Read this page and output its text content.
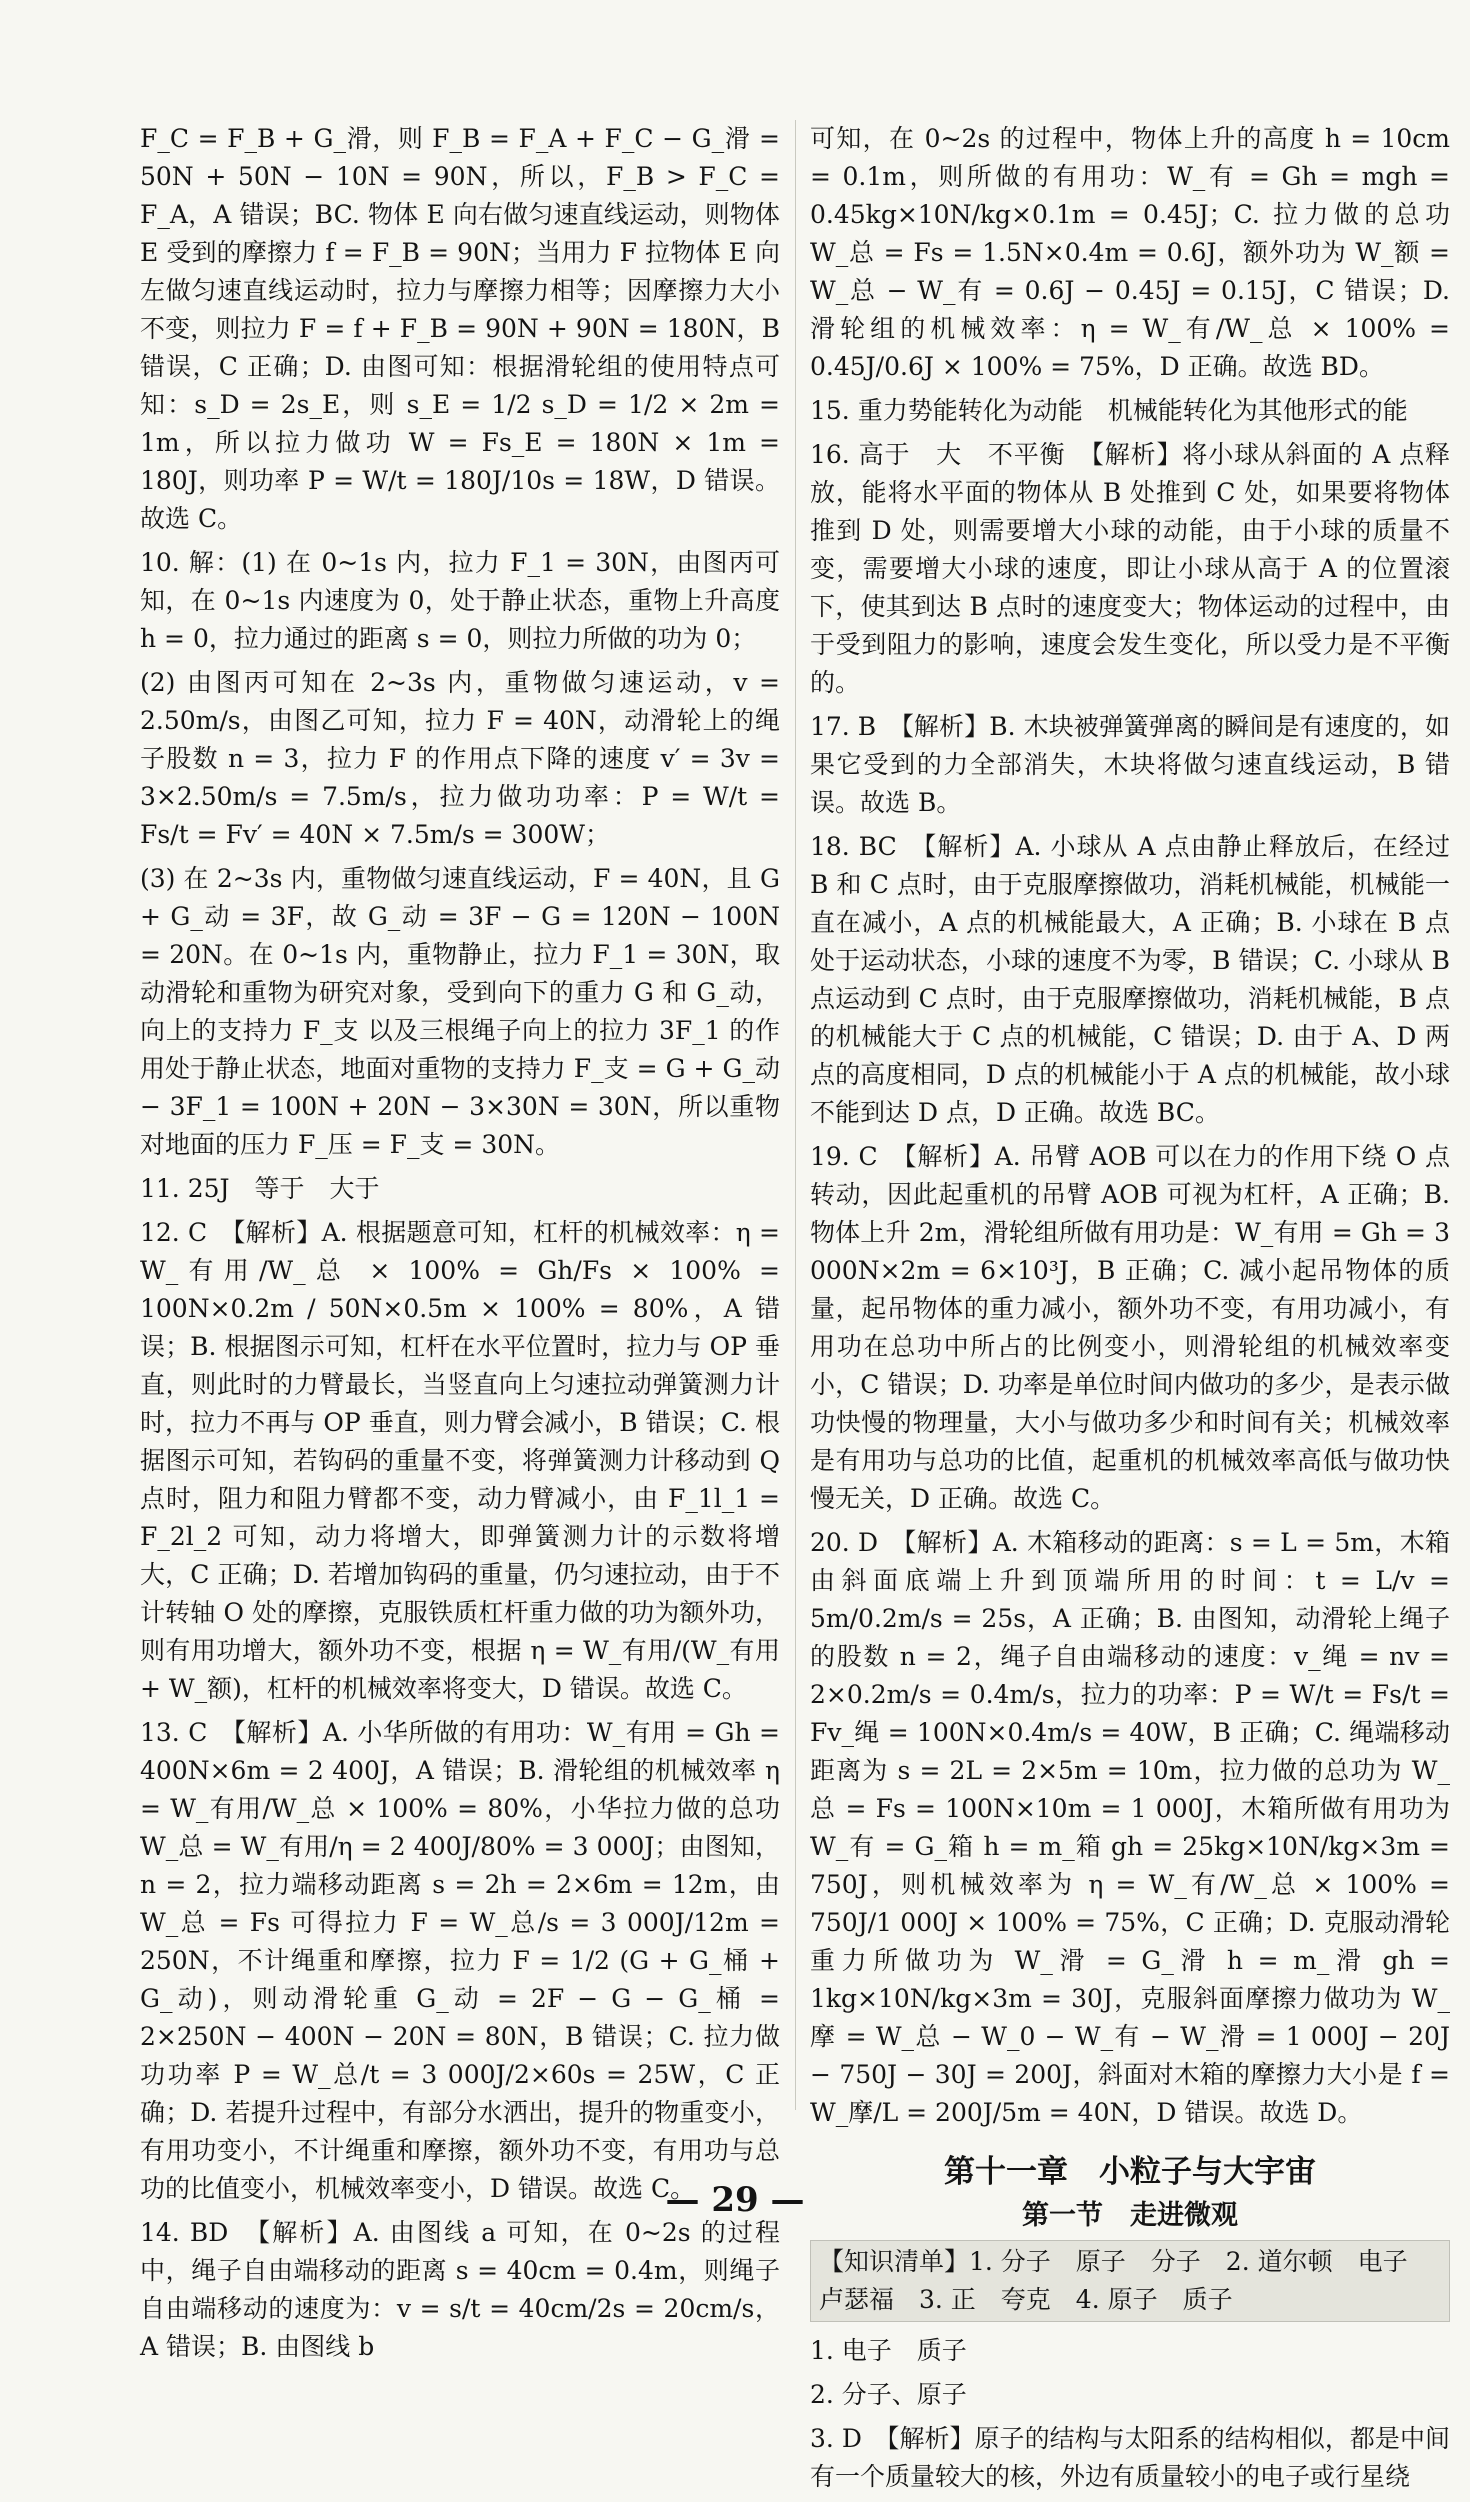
F_C = F_B + G_滑，则 F_B = F_A + F_C − G_滑 = 50N + 50N − 10N = 90N，所以，F_B > F_C = F_A，A 错误；BC. 物体 E 向右做匀速直线运动，则物体 E 受到的摩擦力 f = F_B = 90N；当用力 F 拉物体 E 向左做匀速直线运动时，拉力与摩擦力相等；因摩擦力大小不变，则拉力 F = f + F_B = 90N + 90N = 180N，B 错误，C 正确；D. 由图可知：根据滑轮组的使用特点可知：s_D = 2s_E，则 s_E = 1/2 s_D = 1/2 × 2m = 1m，所以拉力做功 W = Fs_E = 180N × 1m = 180J，则功率 P = W/t = 180J/10s = 18W，D 错误。故选 C。

10. 解：(1) 在 0~1s 内，拉力 F_1 = 30N，由图丙可知，在 0~1s 内速度为 0，处于静止状态，重物上升高度 h = 0，拉力通过的距离 s = 0，则拉力所做的功为 0；

(2) 由图丙可知在 2~3s 内，重物做匀速运动，v = 2.50m/s，由图乙可知，拉力 F = 40N，动滑轮上的绳子股数 n = 3，拉力 F 的作用点下降的速度 v′ = 3v = 3×2.50m/s = 7.5m/s，拉力做功功率：P = W/t = Fs/t = Fv′ = 40N × 7.5m/s = 300W；

(3) 在 2~3s 内，重物做匀速直线运动，F = 40N，且 G + G_动 = 3F，故 G_动 = 3F − G = 120N − 100N = 20N。在 0~1s 内，重物静止，拉力 F_1 = 30N，取动滑轮和重物为研究对象，受到向下的重力 G 和 G_动，向上的支持力 F_支 以及三根绳子向上的拉力 3F_1 的作用处于静止状态，地面对重物的支持力 F_支 = G + G_动 − 3F_1 = 100N + 20N − 3×30N = 30N，所以重物对地面的压力 F_压 = F_支 = 30N。

11. 25J　等于　大于

12. C　【解析】A. 根据题意可知，杠杆的机械效率：η = W_有用/W_总 × 100% = Gh/Fs × 100% = 100N×0.2m / 50N×0.5m × 100% = 80%，A 错误；B. 根据图示可知，杠杆在水平位置时，拉力与 OP 垂直，则此时的力臂最长，当竖直向上匀速拉动弹簧测力计时，拉力不再与 OP 垂直，则力臂会减小，B 错误；C. 根据图示可知，若钩码的重量不变，将弹簧测力计移动到 Q 点时，阻力和阻力臂都不变，动力臂减小，由 F_1l_1 = F_2l_2 可知，动力将增大，即弹簧测力计的示数将增大，C 正确；D. 若增加钩码的重量，仍匀速拉动，由于不计转轴 O 处的摩擦，克服铁质杠杆重力做的功为额外功，则有用功增大，额外功不变，根据 η = W_有用/(W_有用 + W_额)，杠杆的机械效率将变大，D 错误。故选 C。

13. C　【解析】A. 小华所做的有用功：W_有用 = Gh = 400N×6m = 2 400J，A 错误；B. 滑轮组的机械效率 η = W_有用/W_总 × 100% = 80%，小华拉力做的总功 W_总 = W_有用/η = 2 400J/80% = 3 000J；由图知，n = 2，拉力端移动距离 s = 2h = 2×6m = 12m，由 W_总 = Fs 可得拉力 F = W_总/s = 3 000J/12m = 250N，不计绳重和摩擦，拉力 F = 1/2 (G + G_桶 + G_动)，则动滑轮重 G_动 = 2F − G − G_桶 = 2×250N − 400N − 20N = 80N，B 错误；C. 拉力做功功率 P = W_总/t = 3 000J/2×60s = 25W，C 正确；D. 若提升过程中，有部分水洒出，提升的物重变小，有用功变小，不计绳重和摩擦，额外功不变，有用功与总功的比值变小，机械效率变小，D 错误。故选 C。

14. BD　【解析】A. 由图线 a 可知，在 0~2s 的过程中，绳子自由端移动的距离 s = 40cm = 0.4m，则绳子自由端移动的速度为：v = s/t = 40cm/2s = 20cm/s，A 错误；B. 由图线 b

可知，在 0~2s 的过程中，物体上升的高度 h = 10cm = 0.1m，则所做的有用功：W_有 = Gh = mgh = 0.45kg×10N/kg×0.1m = 0.45J；C. 拉力做的总功 W_总 = Fs = 1.5N×0.4m = 0.6J，额外功为 W_额 = W_总 − W_有 = 0.6J − 0.45J = 0.15J，C 错误；D. 滑轮组的机械效率：η = W_有/W_总 × 100% = 0.45J/0.6J × 100% = 75%，D 正确。故选 BD。

15. 重力势能转化为动能　机械能转化为其他形式的能

16. 高于　大　不平衡　【解析】将小球从斜面的 A 点释放，能将水平面的物体从 B 处推到 C 处，如果要将物体推到 D 处，则需要增大小球的动能，由于小球的质量不变，需要增大小球的速度，即让小球从高于 A 的位置滚下，使其到达 B 点时的速度变大；物体运动的过程中，由于受到阻力的影响，速度会发生变化，所以受力是不平衡的。

17. B　【解析】B. 木块被弹簧弹离的瞬间是有速度的，如果它受到的力全部消失，木块将做匀速直线运动，B 错误。故选 B。

18. BC　【解析】A. 小球从 A 点由静止释放后，在经过 B 和 C 点时，由于克服摩擦做功，消耗机械能，机械能一直在减小，A 点的机械能最大，A 正确；B. 小球在 B 点处于运动状态，小球的速度不为零，B 错误；C. 小球从 B 点运动到 C 点时，由于克服摩擦做功，消耗机械能，B 点的机械能大于 C 点的机械能，C 错误；D. 由于 A、D 两点的高度相同，D 点的机械能小于 A 点的机械能，故小球不能到达 D 点，D 正确。故选 BC。

19. C　【解析】A. 吊臂 AOB 可以在力的作用下绕 O 点转动，因此起重机的吊臂 AOB 可视为杠杆，A 正确；B. 物体上升 2m，滑轮组所做有用功是：W_有用 = Gh = 3 000N×2m = 6×10³J，B 正确；C. 减小起吊物体的质量，起吊物体的重力减小，额外功不变，有用功减小，有用功在总功中所占的比例变小，则滑轮组的机械效率变小，C 错误；D. 功率是单位时间内做功的多少，是表示做功快慢的物理量，大小与做功多少和时间有关；机械效率是有用功与总功的比值，起重机的机械效率高低与做功快慢无关，D 正确。故选 C。

20. D　【解析】A. 木箱移动的距离：s = L = 5m，木箱由斜面底端上升到顶端所用的时间：t = L/v = 5m/0.2m/s = 25s，A 正确；B. 由图知，动滑轮上绳子的股数 n = 2，绳子自由端移动的速度：v_绳 = nv = 2×0.2m/s = 0.4m/s，拉力的功率：P = W/t = Fs/t = Fv_绳 = 100N×0.4m/s = 40W，B 正确；C. 绳端移动距离为 s = 2L = 2×5m = 10m，拉力做的总功为 W_总 = Fs = 100N×10m = 1 000J，木箱所做有用功为 W_有 = G_箱 h = m_箱 gh = 25kg×10N/kg×3m = 750J，则机械效率为 η = W_有/W_总 × 100% = 750J/1 000J × 100% = 75%，C 正确；D. 克服动滑轮重力所做功为 W_滑 = G_滑 h = m_滑 gh = 1kg×10N/kg×3m = 30J，克服斜面摩擦力做功为 W_摩 = W_总 − W_0 − W_有 − W_滑 = 1 000J − 20J − 750J − 30J = 200J，斜面对木箱的摩擦力大小是 f = W_摩/L = 200J/5m = 40N，D 错误。故选 D。

第十一章　小粒子与大宇宙
第一节　走进微观
【知识清单】1. 分子　原子　分子　2. 道尔顿　电子　卢瑟福　3. 正　夸克　4. 原子　质子

1. 电子　质子

2. 分子、原子

3. D　【解析】原子的结构与太阳系的结构相似，都是中间有一个质量较大的核，外边有质量较小的电子或行星绕

— 29 —
